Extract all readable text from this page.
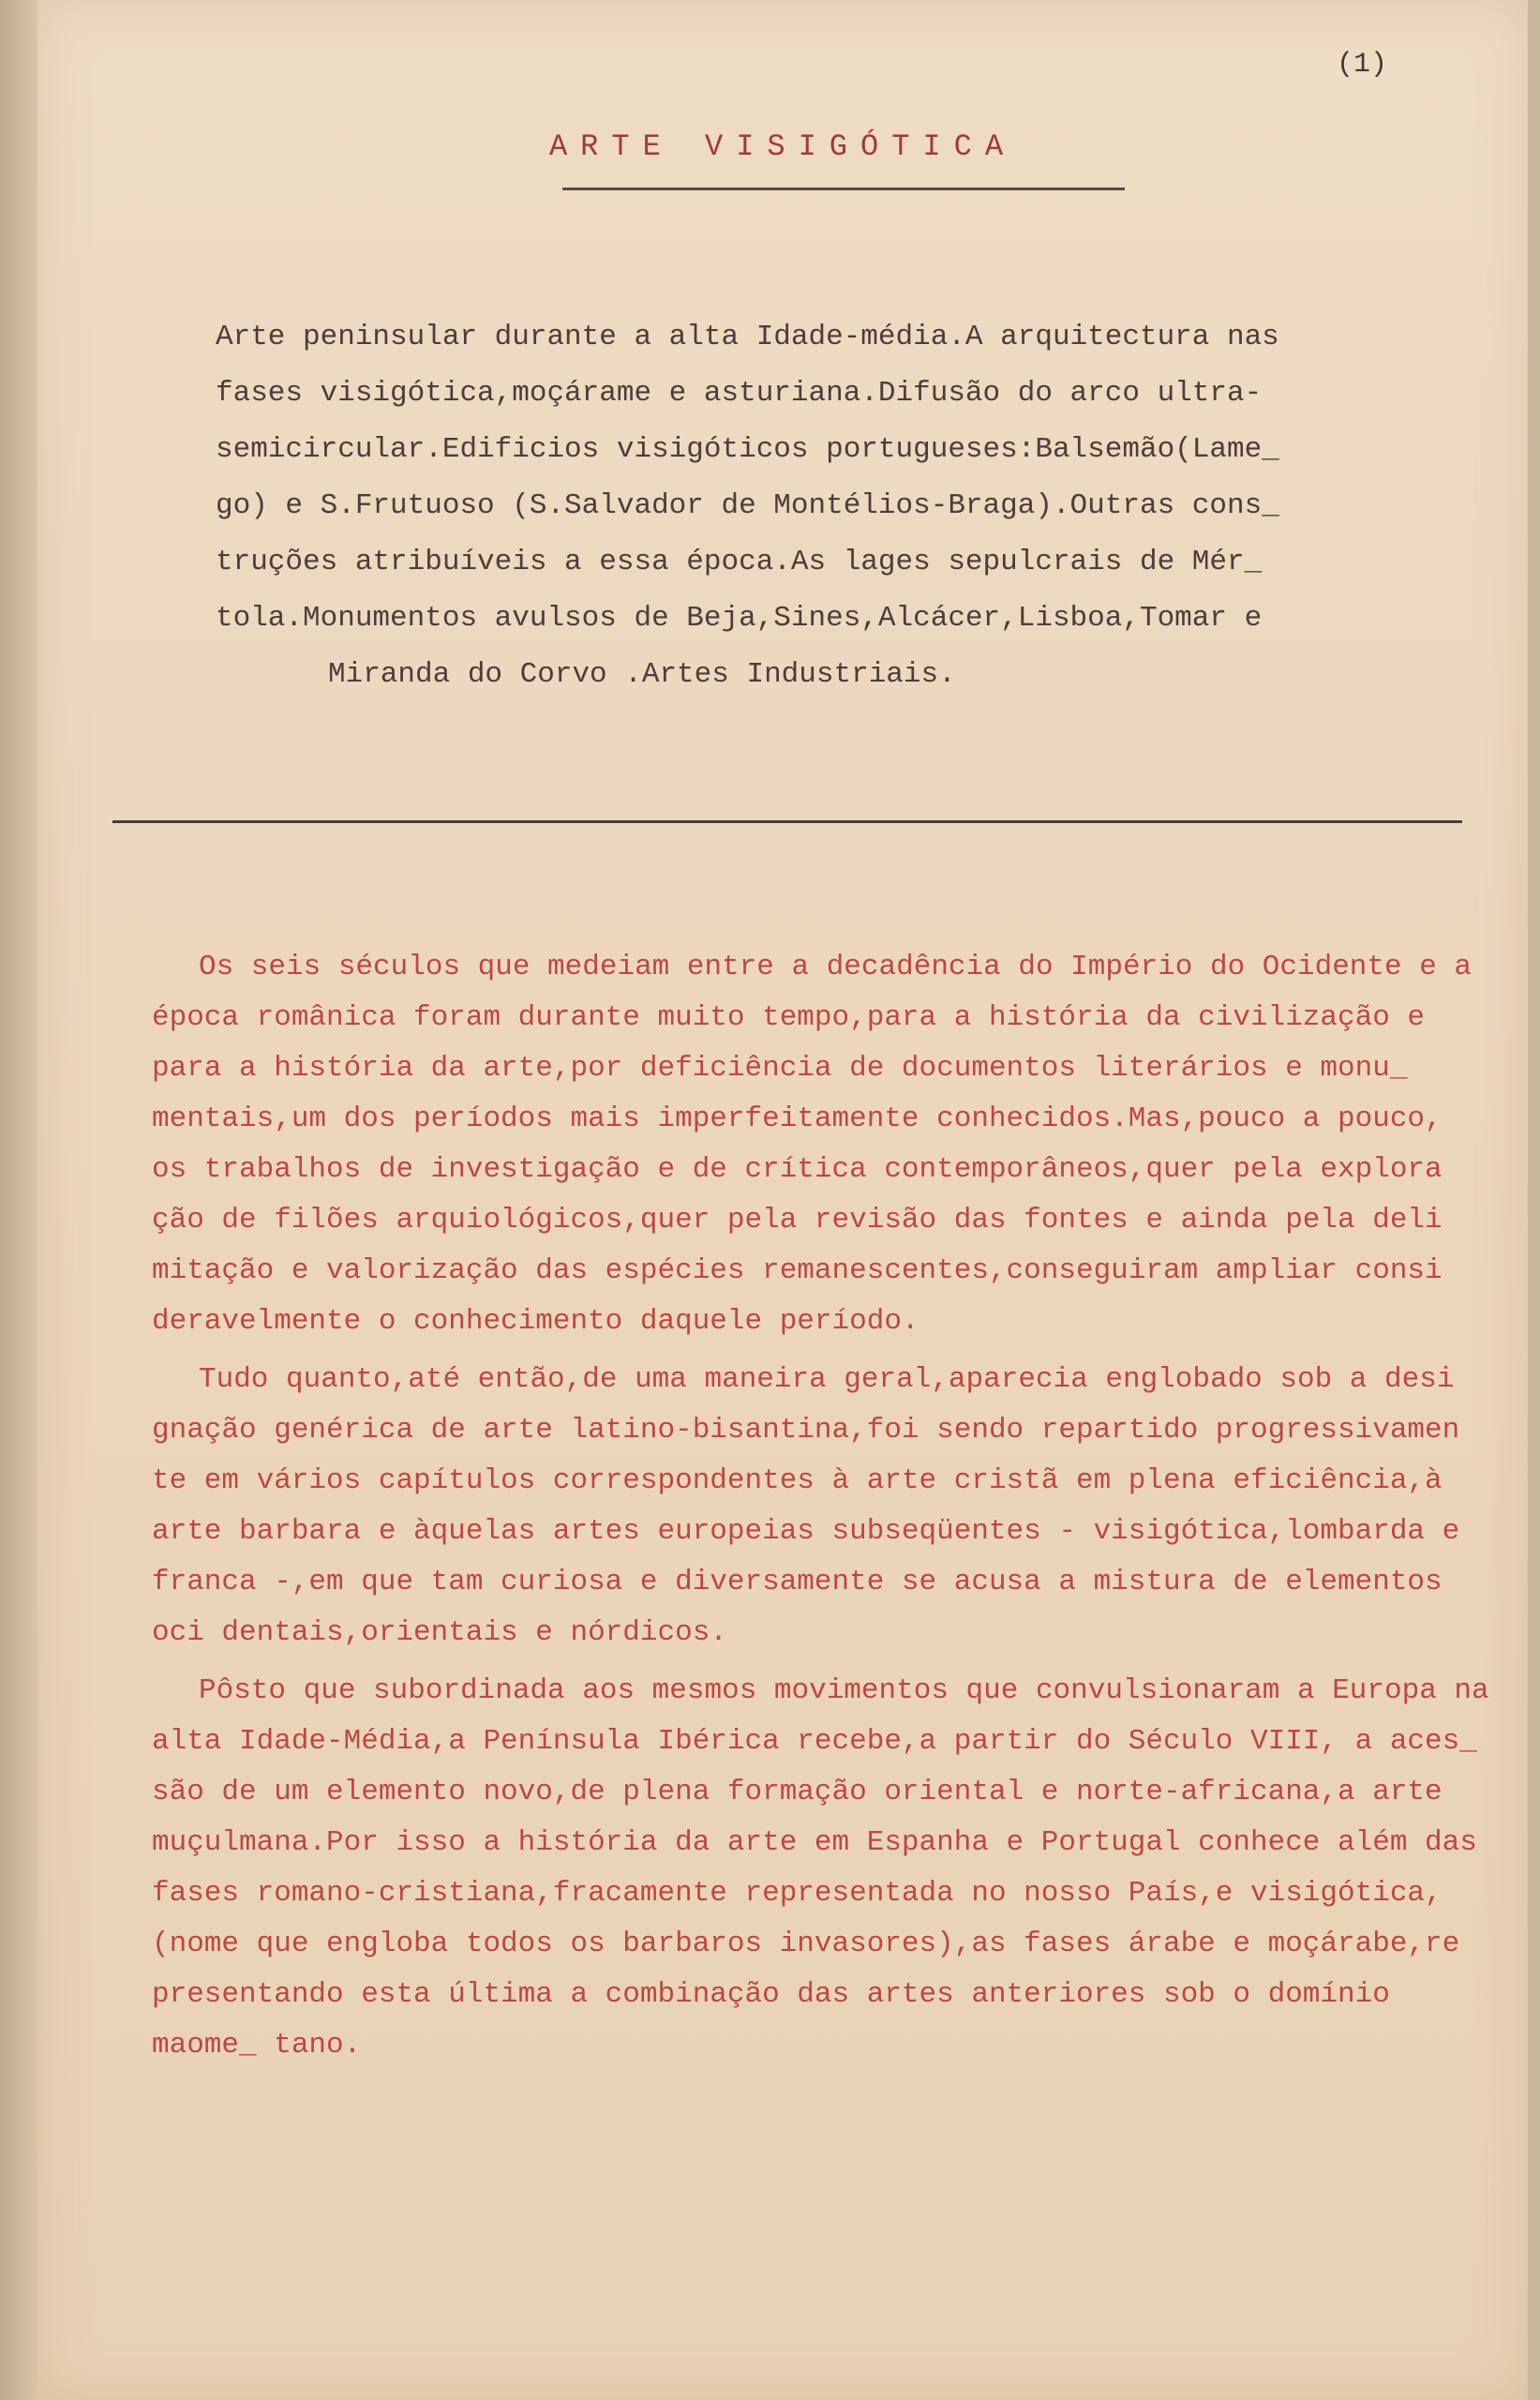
(1)
ARTE VISIGÓTICA
Arte peninsular durante a alta Idade-média.A arquitectura nas
fases visigótica,moçárame e asturiana.Difusão do arco ultra-
semicircular.Edificios visigóticos portugueses:Balsemão(Lame_
go) e S.Frutuoso (S.Salvador de Montélios-Braga).Outras cons_
truções atribuíveis a essa época.As lages sepulcrais de Mér_
tola.Monumentos avulsos de Beja,Sines,Alcácer,Lisboa,Tomar e
Miranda do Corvo .Artes Industriais.

Os seis séculos que medeiam entre a decadência do Império do Ocidente e a época românica foram durante muito tempo,para a história da civilização e para a história da arte,por deficiência de documentos literários e monu_ mentais,um dos períodos mais imperfeitamente conhecidos.Mas,pouco a pouco, os trabalhos de investigação e de crítica contemporâneos,quer pela explora ção de filões arquiológicos,quer pela revisão das fontes e ainda pela deli mitação e valorização das espécies remanescentes,conseguiram ampliar consi deravelmente o conhecimento daquele período.

Tudo quanto,até então,de uma maneira geral,aparecia englobado sob a desi gnação genérica de arte latino-bisantina,foi sendo repartido progressivamen te em vários capítulos correspondentes à arte cristã em plena eficiência,à arte barbara e àquelas artes europeias subseqüentes - visigótica,lombarda e franca -,em que tam curiosa e diversamente se acusa a mistura de elementos oci dentais,orientais e nórdicos.

Pôsto que subordinada aos mesmos movimentos que convulsionaram a Europa na alta Idade-Média,a Península Ibérica recebe,a partir do Século VIII, a aces_ são de um elemento novo,de plena formação oriental e norte-africana,a arte muçulmana.Por isso a história da arte em Espanha e Portugal conhece além das fases romano-cristiana,fracamente representada no nosso País,e visigótica, (nome que engloba todos os barbaros invasores),as fases árabe e moçárabe,re presentando esta última a combinação das artes anteriores sob o domínio maome_ tano.
